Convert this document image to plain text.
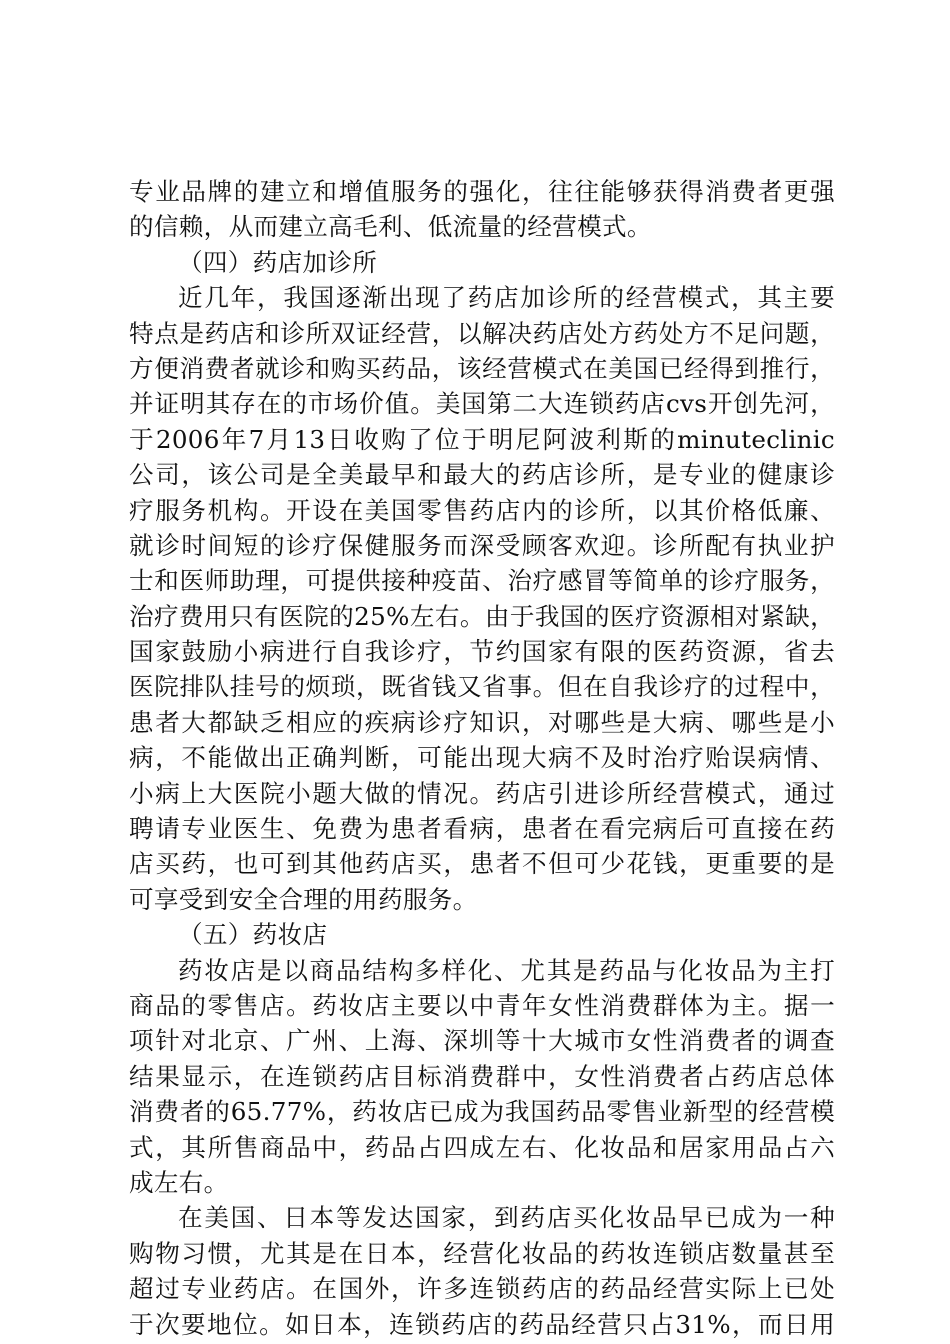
专业品牌的建立和增值服务的强化，往往能够获得消费者更强
的信赖，从而建立高毛利、低流量的经营模式。
（四）药店加诊所
近几年，我国逐渐出现了药店加诊所的经营模式，其主要
特点是药店和诊所双证经营，以解决药店处方药处方不足问题，
方便消费者就诊和购买药品，该经营模式在美国已经得到推行，
并证明其存在的市场价值。美国第二大连锁药店cvs开创先河，
于2006年7月13日收购了位于明尼阿波利斯的minuteclinic
公司，该公司是全美最早和最大的药店诊所，是专业的健康诊
疗服务机构。开设在美国零售药店内的诊所，以其价格低廉、
就诊时间短的诊疗保健服务而深受顾客欢迎。诊所配有执业护
士和医师助理，可提供接种疫苗、治疗感冒等简单的诊疗服务，
治疗费用只有医院的25%左右。由于我国的医疗资源相对紧缺，
国家鼓励小病进行自我诊疗，节约国家有限的医药资源，省去
医院排队挂号的烦琐，既省钱又省事。但在自我诊疗的过程中，
患者大都缺乏相应的疾病诊疗知识，对哪些是大病、哪些是小
病，不能做出正确判断，可能出现大病不及时治疗贻误病情、
小病上大医院小题大做的情况。药店引进诊所经营模式，通过
聘请专业医生、免费为患者看病，患者在看完病后可直接在药
店买药，也可到其他药店买，患者不但可少花钱，更重要的是
可享受到安全合理的用药服务。
（五）药妆店
药妆店是以商品结构多样化、尤其是药品与化妆品为主打
商品的零售店。药妆店主要以中青年女性消费群体为主。据一
项针对北京、广州、上海、深圳等十大城市女性消费者的调查
结果显示，在连锁药店目标消费群中，女性消费者占药店总体
消费者的65.77%，药妆店已成为我国药品零售业新型的经营模
式，其所售商品中，药品占四成左右、化妆品和居家用品占六
成左右。
在美国、日本等发达国家，到药店买化妆品早已成为一种
购物习惯，尤其是在日本，经营化妆品的药妆连锁店数量甚至
超过专业药店。在国外，许多连锁药店的药品经营实际上已处
于次要地位。如日本，连锁药店的药品经营只占31%，而日用
